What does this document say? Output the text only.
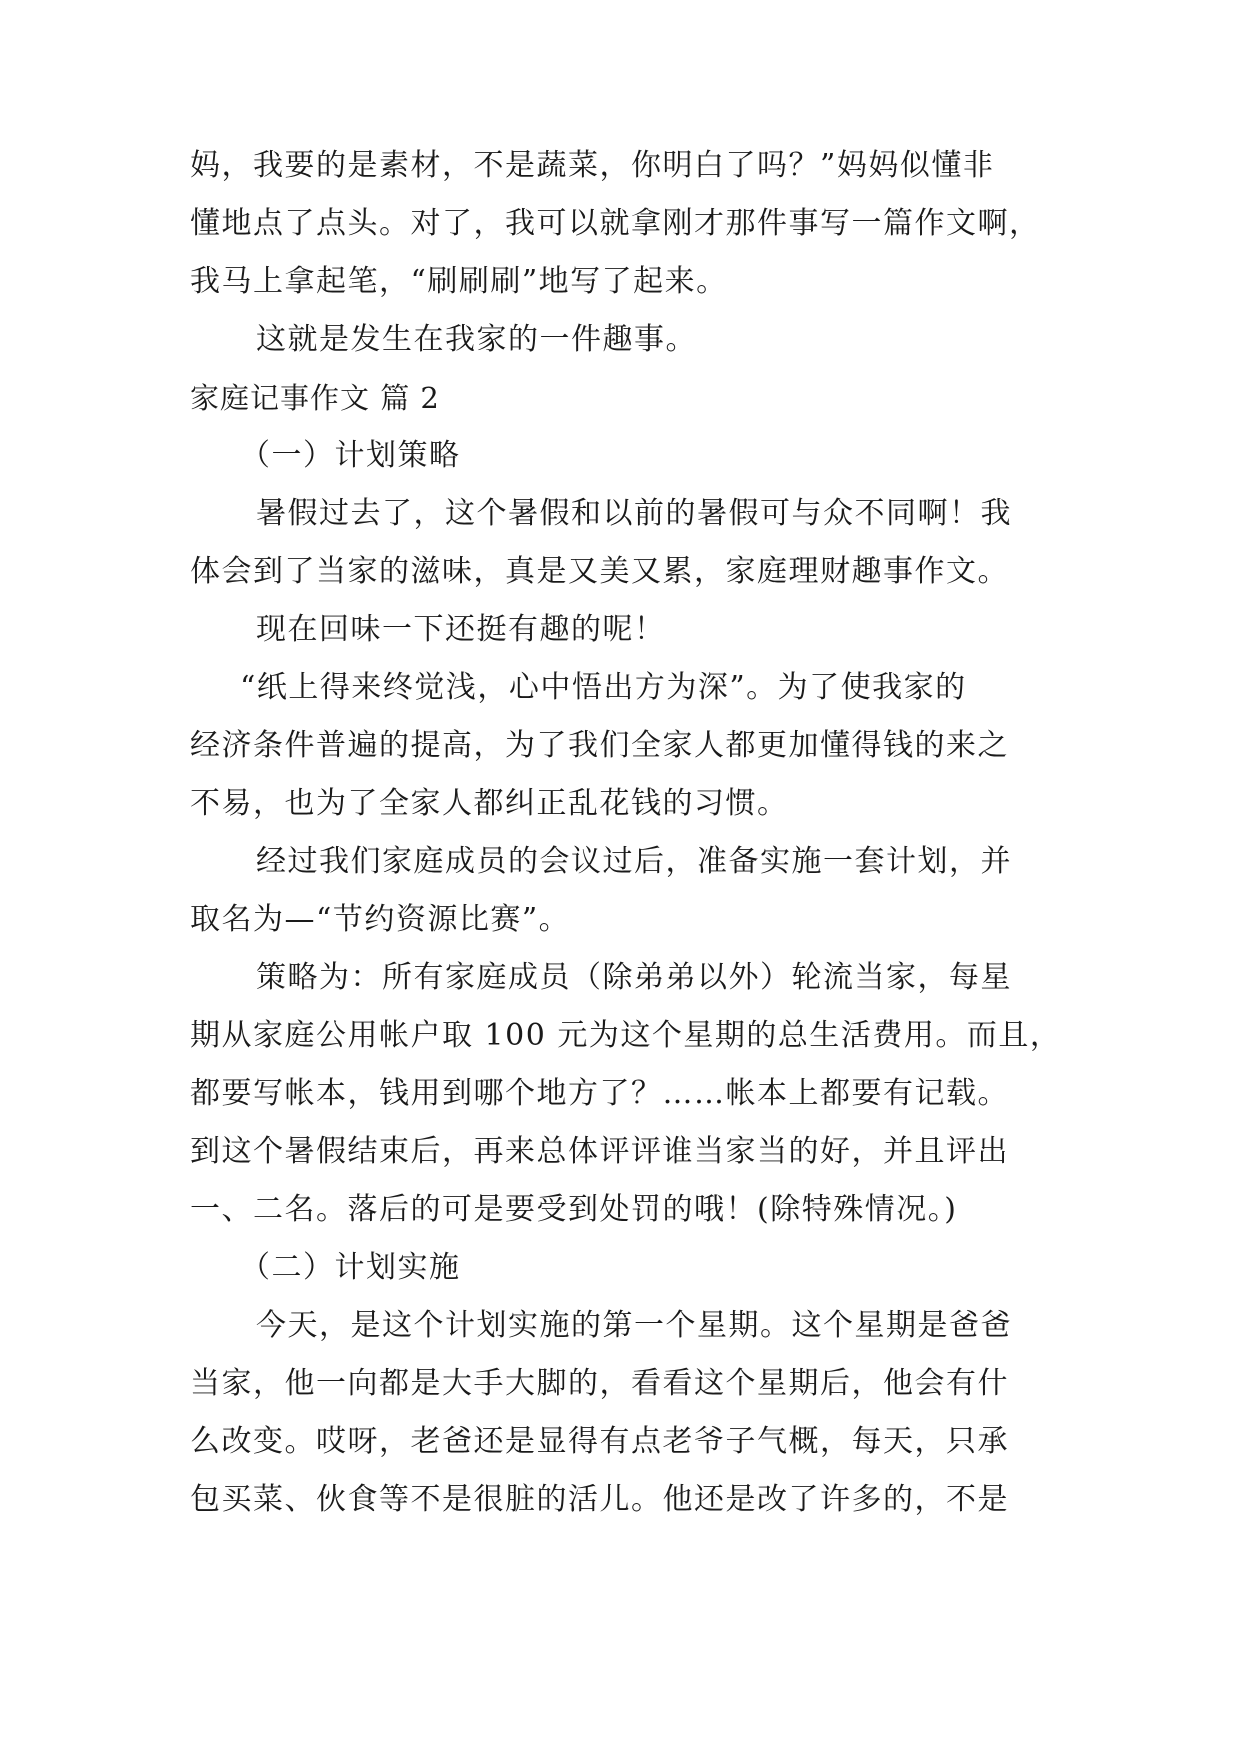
妈，我要的是素材，不是蔬菜，你明白了吗？”妈妈似懂非
懂地点了点头。对了，我可以就拿刚才那件事写一篇作文啊，
我马上拿起笔，“刷刷刷”地写了起来。
这就是发生在我家的一件趣事。
家庭记事作文 篇 2
（一）计划策略
暑假过去了，这个暑假和以前的暑假可与众不同啊！我
体会到了当家的滋味，真是又美又累，家庭理财趣事作文。
现在回味一下还挺有趣的呢！
“纸上得来终觉浅，心中悟出方为深”。为了使我家的
经济条件普遍的提高，为了我们全家人都更加懂得钱的来之
不易，也为了全家人都纠正乱花钱的习惯。
经过我们家庭成员的会议过后，准备实施一套计划，并
取名为—“节约资源比赛”。
策略为：所有家庭成员（除弟弟以外）轮流当家，每星
期从家庭公用帐户取 100 元为这个星期的总生活费用。而且，
都要写帐本，钱用到哪个地方了？……帐本上都要有记载。
到这个暑假结束后，再来总体评评谁当家当的好，并且评出
一、二名。落后的可是要受到处罚的哦！(除特殊情况。)
（二）计划实施
今天，是这个计划实施的第一个星期。这个星期是爸爸
当家，他一向都是大手大脚的，看看这个星期后，他会有什
么改变。哎呀，老爸还是显得有点老爷子气概，每天，只承
包买菜、伙食等不是很脏的活儿。他还是改了许多的，不是
